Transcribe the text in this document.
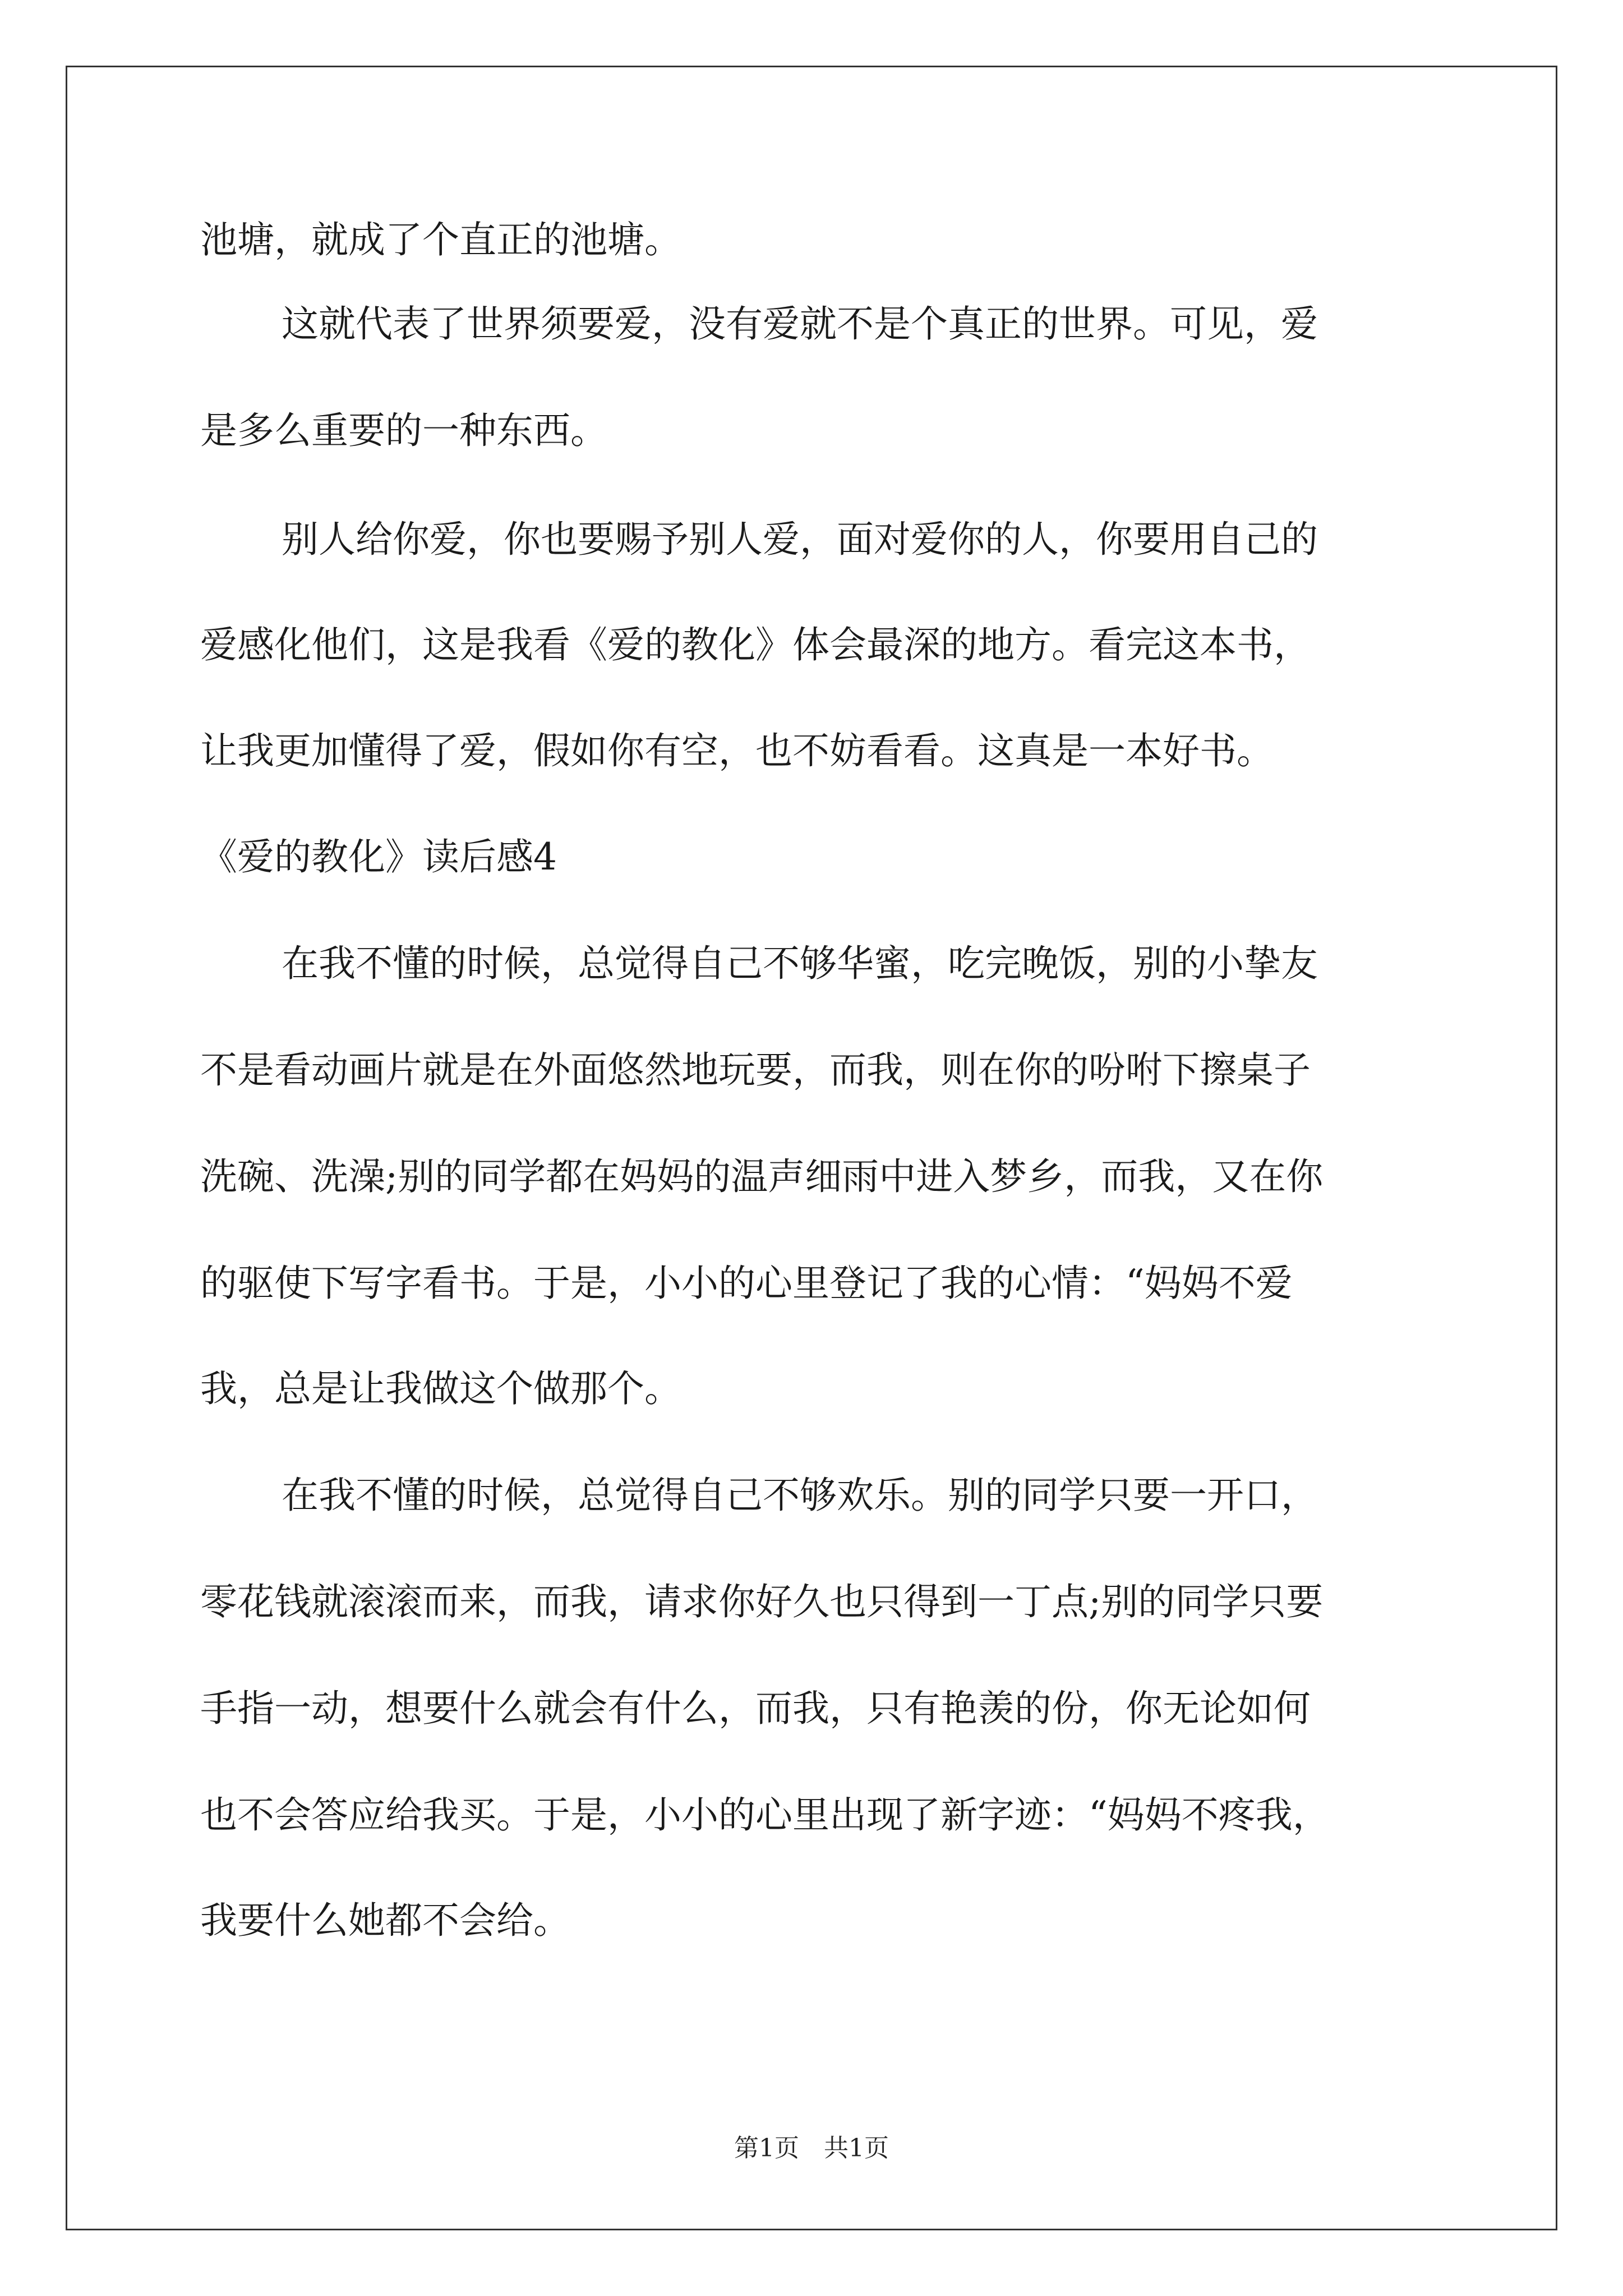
池塘，就成了个直正的池塘。
这就代表了世界须要爱，没有爱就不是个真正的世界。可见，爱
是多么重要的一种东西。
别人给你爱，你也要赐予别人爱，面对爱你的人，你要用自己的
爱感化他们，这是我看《爱的教化》体会最深的地方。看完这本书，
让我更加懂得了爱，假如你有空，也不妨看看。这真是一本好书。
《爱的教化》读后感4
在我不懂的时候，总觉得自己不够华蜜，吃完晚饭，别的小挚友
不是看动画片就是在外面悠然地玩要，而我，则在你的吩咐下擦桌子
洗碗、洗澡;别的同学都在妈妈的温声细雨中进入梦乡，而我，又在你
的驱使下写字看书。于是，小小的心里登记了我的心情：“妈妈不爱
我，总是让我做这个做那个。
在我不懂的时候，总觉得自己不够欢乐。别的同学只要一开口，
零花钱就滚滚而来，而我，请求你好久也只得到一丁点;别的同学只要
手指一动，想要什么就会有什么，而我，只有艳羡的份，你无论如何
也不会答应给我买。于是，小小的心里出现了新字迹：“妈妈不疼我，
我要什么她都不会给。
第1页　共1页
